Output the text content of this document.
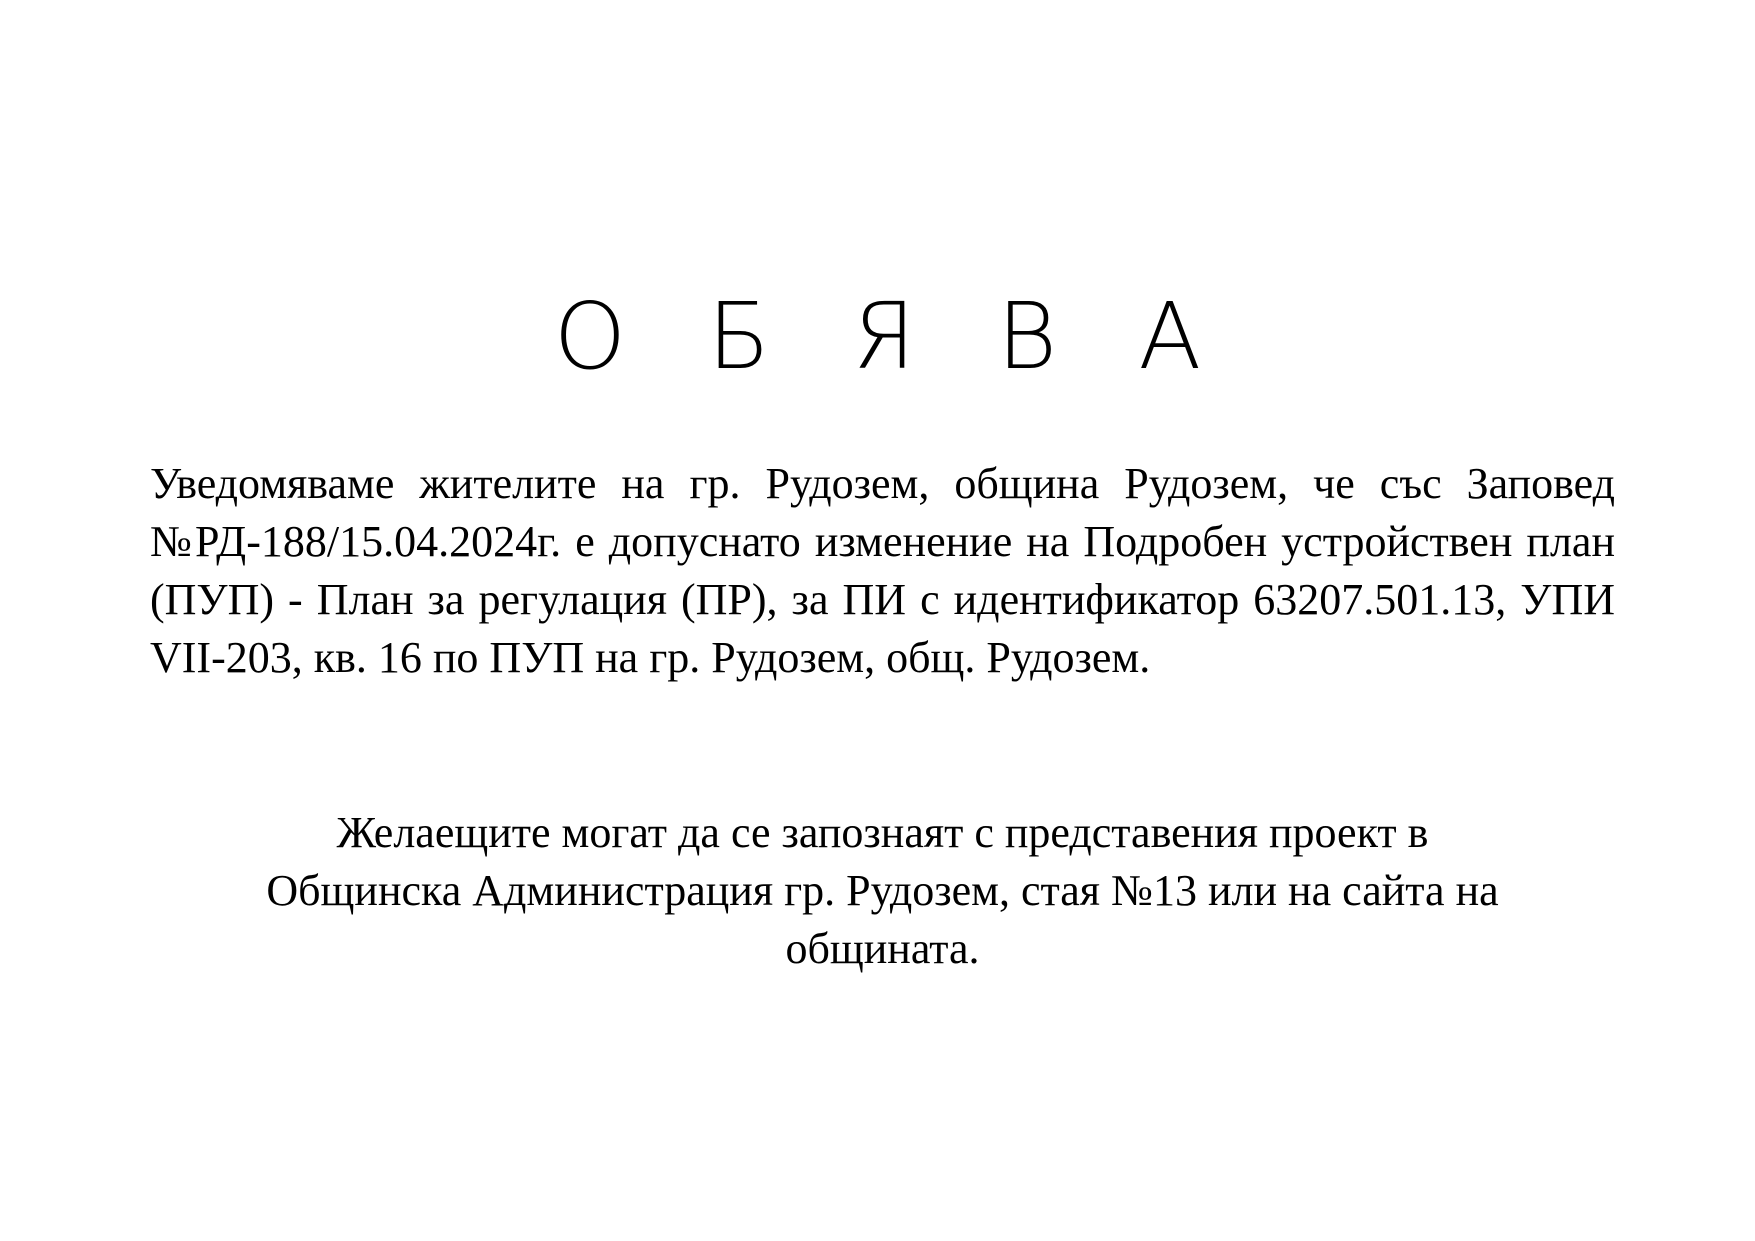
О Б Я В А

Уведомяваме жителите на гр. Рудозем, община Рудозем, че със Заповед №РД-188/15.04.2024г. е допуснато изменение на Подробен устройствен план (ПУП) - План за регулация (ПР), за ПИ с идентификатор 63207.501.13, УПИ VII-203, кв. 16 по ПУП на гр. Рудозем, общ. Рудозем.

Желаещите могат да се запознаят с представения проект в
Общинска Администрация гр. Рудозем, стая №13 или на сайта на
общината.
